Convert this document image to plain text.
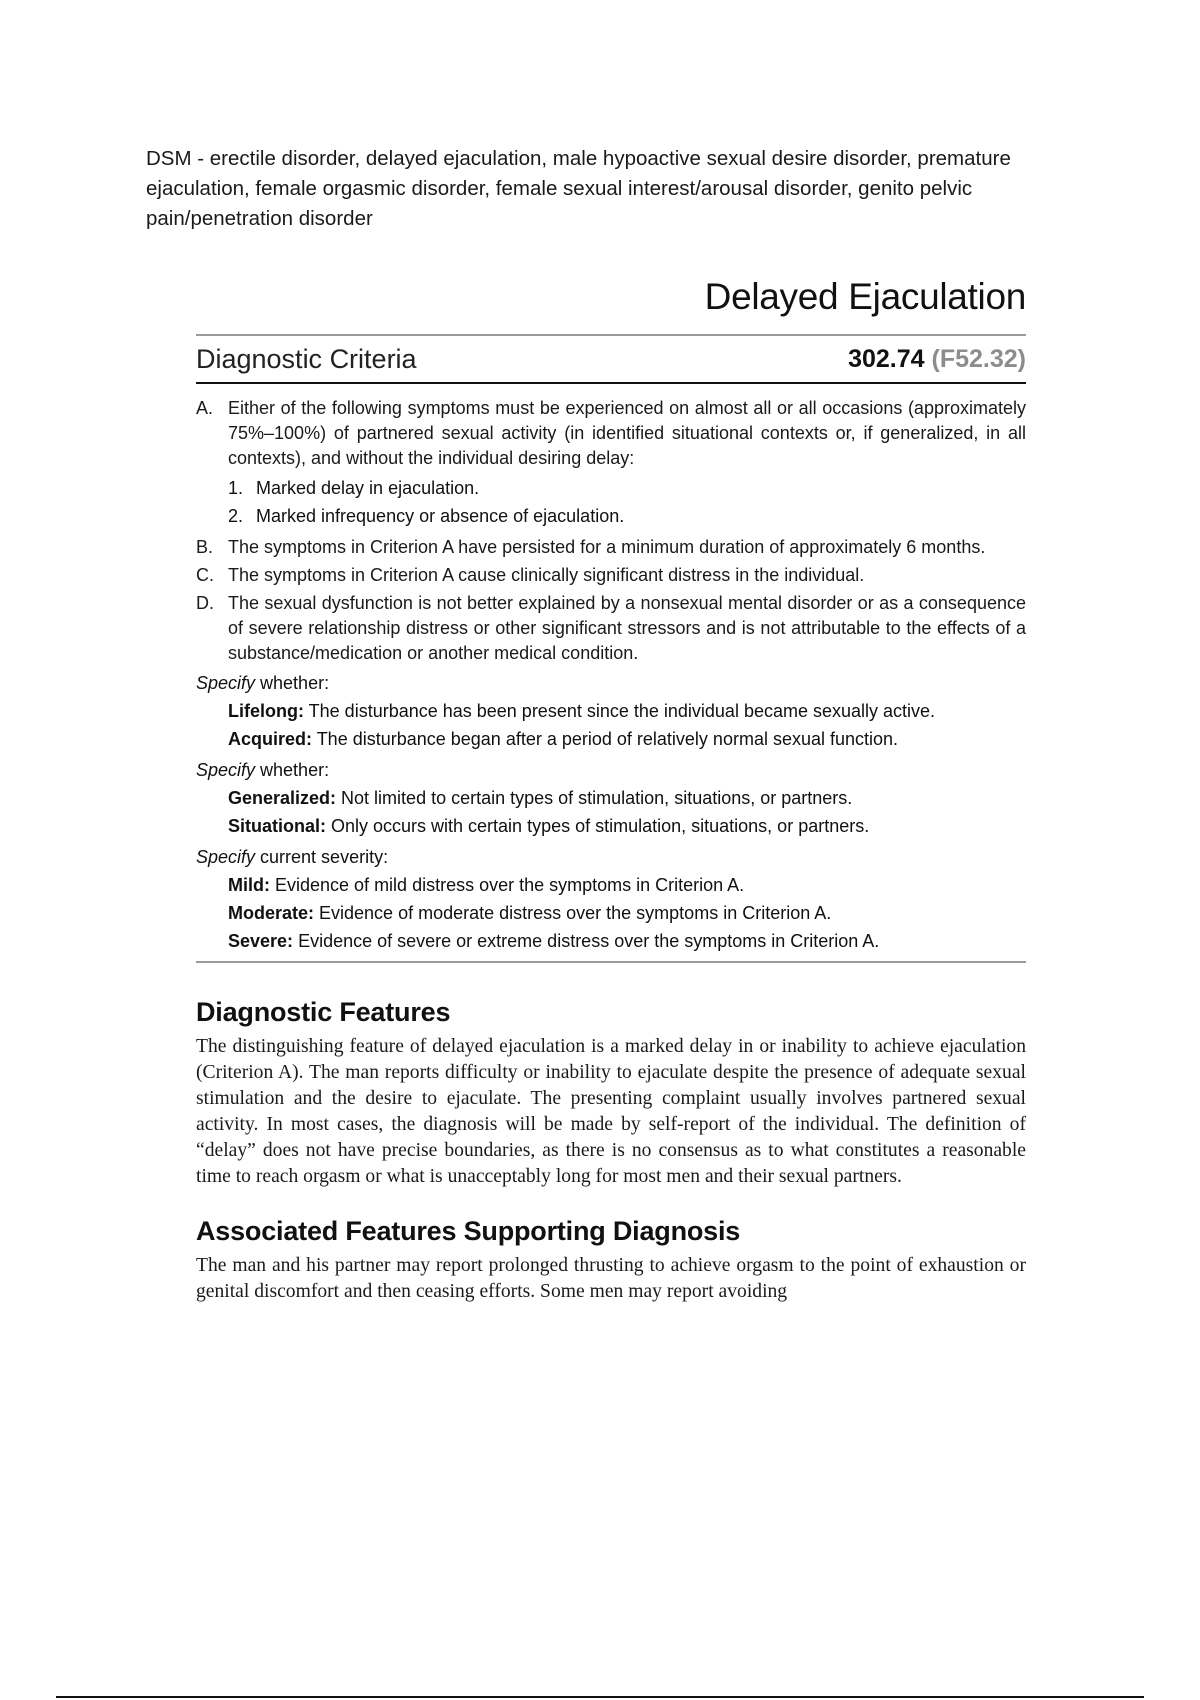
DSM - erectile disorder, delayed ejaculation, male hypoactive sexual desire disorder, premature ejaculation, female orgasmic disorder, female sexual interest/arousal disorder, genito pelvic pain/penetration disorder
Delayed Ejaculation
Diagnostic Criteria	302.74 (F52.32)
A. Either of the following symptoms must be experienced on almost all or all occasions (approximately 75%–100%) of partnered sexual activity (in identified situational contexts or, if generalized, in all contexts), and without the individual desiring delay:
1. Marked delay in ejaculation.
2. Marked infrequency or absence of ejaculation.
B. The symptoms in Criterion A have persisted for a minimum duration of approximately 6 months.
C. The symptoms in Criterion A cause clinically significant distress in the individual.
D. The sexual dysfunction is not better explained by a nonsexual mental disorder or as a consequence of severe relationship distress or other significant stressors and is not attributable to the effects of a substance/medication or another medical condition.
Specify whether:
Lifelong: The disturbance has been present since the individual became sexually active.
Acquired: The disturbance began after a period of relatively normal sexual function.
Specify whether:
Generalized: Not limited to certain types of stimulation, situations, or partners.
Situational: Only occurs with certain types of stimulation, situations, or partners.
Specify current severity:
Mild: Evidence of mild distress over the symptoms in Criterion A.
Moderate: Evidence of moderate distress over the symptoms in Criterion A.
Severe: Evidence of severe or extreme distress over the symptoms in Criterion A.
Diagnostic Features

The distinguishing feature of delayed ejaculation is a marked delay in or inability to achieve ejaculation (Criterion A). The man reports difficulty or inability to ejaculate despite the presence of adequate sexual stimulation and the desire to ejaculate. The presenting complaint usually involves partnered sexual activity. In most cases, the diagnosis will be made by self-report of the individual. The definition of “delay” does not have precise boundaries, as there is no consensus as to what constitutes a reasonable time to reach orgasm or what is unacceptably long for most men and their sexual partners.

Associated Features Supporting Diagnosis

The man and his partner may report prolonged thrusting to achieve orgasm to the point of exhaustion or genital discomfort and then ceasing efforts. Some men may report avoiding
